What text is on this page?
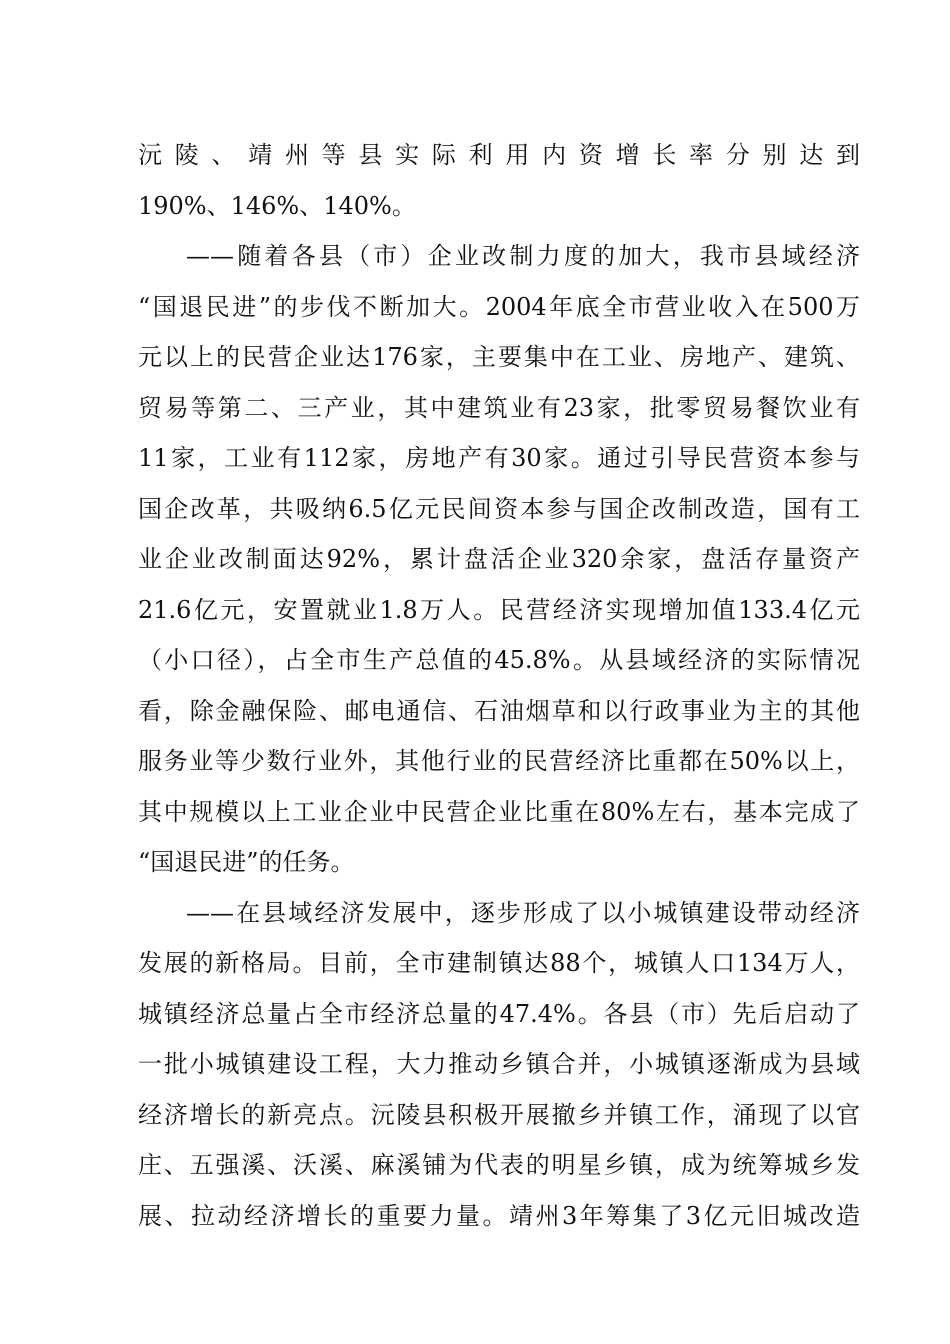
沅陵、靖州等县实际利用内资增长率分别达到
190%、146%、140%。
——随着各县（市）企业改制力度的加大，我市县域经济
“国退民进”的步伐不断加大。2004年底全市营业收入在500万
元以上的民营企业达176家，主要集中在工业、房地产、建筑、
贸易等第二、三产业，其中建筑业有23家，批零贸易餐饮业有
11家，工业有112家，房地产有30家。通过引导民营资本参与
国企改革，共吸纳6.5亿元民间资本参与国企改制改造，国有工
业企业改制面达92%，累计盘活企业320余家，盘活存量资产
21.6亿元，安置就业1.8万人。民营经济实现增加值133.4亿元
（小口径），占全市生产总值的45.8%。从县域经济的实际情况
看，除金融保险、邮电通信、石油烟草和以行政事业为主的其他
服务业等少数行业外，其他行业的民营经济比重都在50%以上，
其中规模以上工业企业中民营企业比重在80%左右，基本完成了
“国退民进”的任务。
——在县域经济发展中，逐步形成了以小城镇建设带动经济
发展的新格局。目前，全市建制镇达88个，城镇人口134万人，
城镇经济总量占全市经济总量的47.4%。各县（市）先后启动了
一批小城镇建设工程，大力推动乡镇合并，小城镇逐渐成为县域
经济增长的新亮点。沅陵县积极开展撤乡并镇工作，涌现了以官
庄、五强溪、沃溪、麻溪铺为代表的明星乡镇，成为统筹城乡发
展、拉动经济增长的重要力量。靖州3年筹集了3亿元旧城改造
